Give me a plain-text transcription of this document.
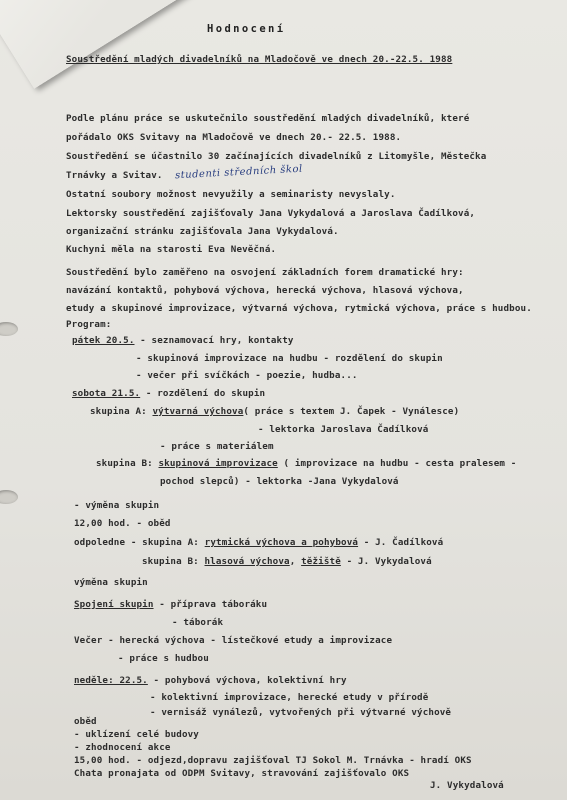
Hodnocení
Soustředění mladých divadelníků na Mladočově ve dnech 20.-22.5. 1988
Podle plánu práce se uskutečnilo soustředění mladých divadelníků, které
pořádalo OKS Svitavy na Mladočově ve dnech 20.- 22.5. 1988.
Soustředění se účastnilo 30 začínajících divadelníků z Litomyšle, Městečka
Trnávky a Svitav. studenti středních škol
Ostatní soubory možnost nevyužily a seminaristy nevyslaly.
Lektorsky soustředění zajišťovaly Jana Vykydalová a Jaroslava Čadílková,
organizační stránku zajišťovala Jana Vykydalová.
Kuchyni měla na starosti Eva Nevěčná.
Soustředění bylo zaměřeno na osvojení základních forem dramatické hry:
navázání kontaktů, pohybová výchova, herecká výchova, hlasová výchova,
etudy a skupinové improvizace, výtvarná výchova, rytmická výchova, práce s hudbou.
Program:
pátek 20.5. - seznamovací hry, kontakty
- skupinová improvizace na hudbu - rozdělení do skupin
- večer při svíčkách - poezie, hudba...
sobota 21.5. - rozdělení do skupin
skupina A: výtvarná výchova( práce s textem J. Čapek - Vynálesce)
- lektorka Jaroslava Čadílková
- práce s materiálem
skupina B: skupinová improvizace ( improvizace na hudbu - cesta pralesem -
pochod slepců) - lektorka -Jana Vykydalová
- výměna skupin
12,00 hod. - oběd
odpoledne - skupina A: rytmická výchova a pohybová - J. Čadílková
skupina B: hlasová výchova, těžiště - J. Vykydalová
výměna skupin
Spojení skupin - příprava táboráku
- táborák
Večer - herecká výchova - lístečkové etudy a improvizace
- práce s hudbou
neděle: 22.5. - pohybová výchova, kolektivní hry
- kolektivní improvizace, herecké etudy v přírodě
- vernisáž vynálezů, vytvořených při výtvarné výchově
oběd
- uklízení celé budovy
- zhodnocení akce
15,00 hod. - odjezd,dopravu zajišťoval TJ Sokol M. Trnávka - hradí OKS
Chata pronajata od ODPM Svitavy, stravování zajišťovalo OKS
J. Vykydalová
